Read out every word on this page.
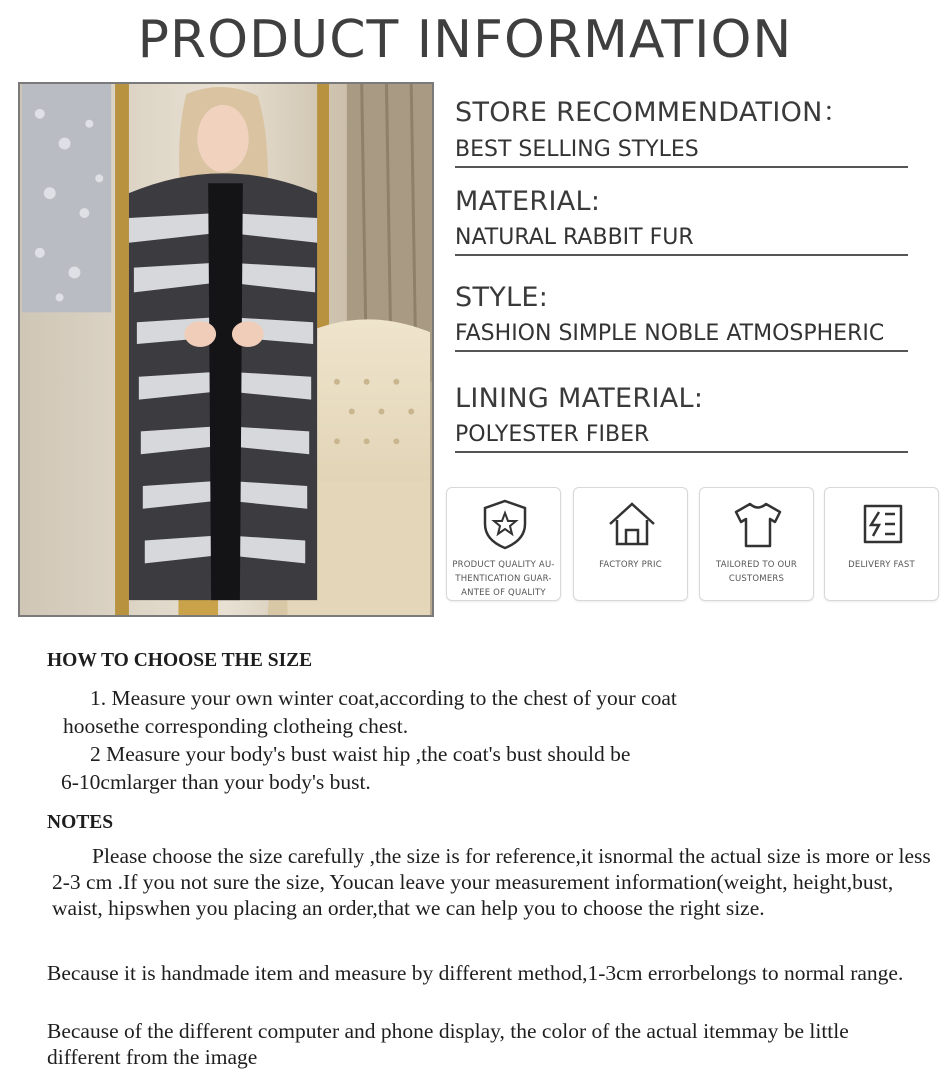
PRODUCT INFORMATION
STORE RECOMMENDATION：
BEST SELLING STYLES
MATERIAL:
NATURAL RABBIT FUR
STYLE:
FASHION SIMPLE NOBLE ATMOSPHERIC
LINING MATERIAL:
POLYESTER FIBER
PRODUCT QUALITY AU-
THENTICATION GUAR-
ANTEE OF QUALITY
FACTORY PRIC	TAILORED TO OUR
CUSTOMERS
DELIVERY FAST
HOW TO CHOOSE THE SIZE
1. Measure your own winter coat,according to the chest of your coat
hoosethe corresponding clotheing chest.
2 Measure your body's bust waist hip ,the coat's bust should be
6-10cmlarger than your body's bust.
NOTES
Please choose the size carefully ,the size is for reference,it isnormal the actual size is more or less 2-3 cm .If you not sure the size, Youcan leave your measurement information(weight, height,bust, waist, hipswhen you placing an order,that we can help you to choose the right size.
Because it is handmade item and measure by different method,1-3cm errorbelongs to normal range.
Because of the different computer and phone display, the color of the actual itemmay be little different from the image
